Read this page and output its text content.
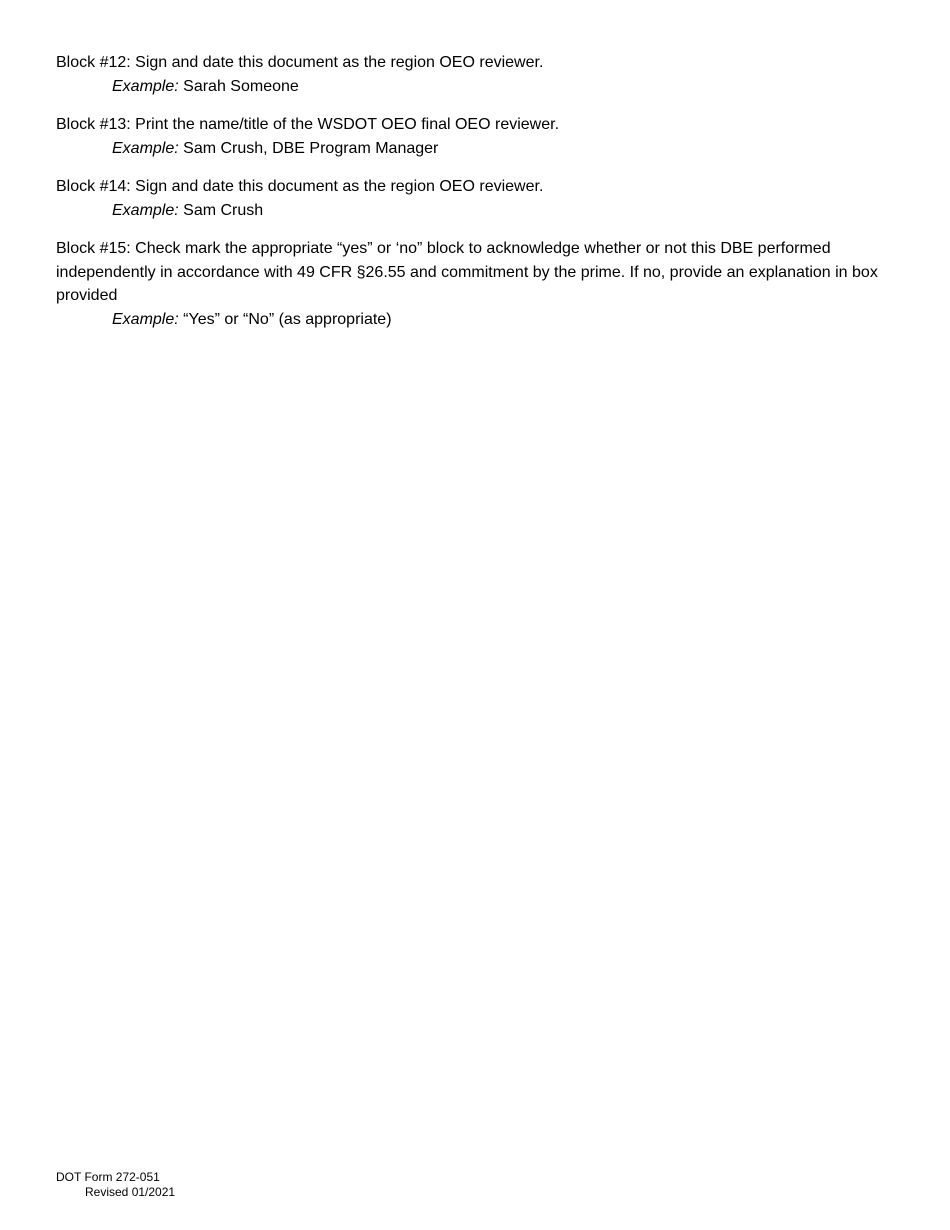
Block #12: Sign and date this document as the region OEO reviewer.

Example: Sarah Someone

Block #13: Print the name/title of the WSDOT OEO final OEO reviewer.

Example: Sam Crush, DBE Program Manager

Block #14: Sign and date this document as the region OEO reviewer.

Example: Sam Crush

Block #15: Check mark the appropriate “yes” or ‘no” block to acknowledge whether or not this DBE performed independently in accordance with 49 CFR §26.55 and commitment by the prime. If no, provide an explanation in box provided

Example: “Yes” or “No” (as appropriate)

DOT Form 272-051
Revised 01/2021
